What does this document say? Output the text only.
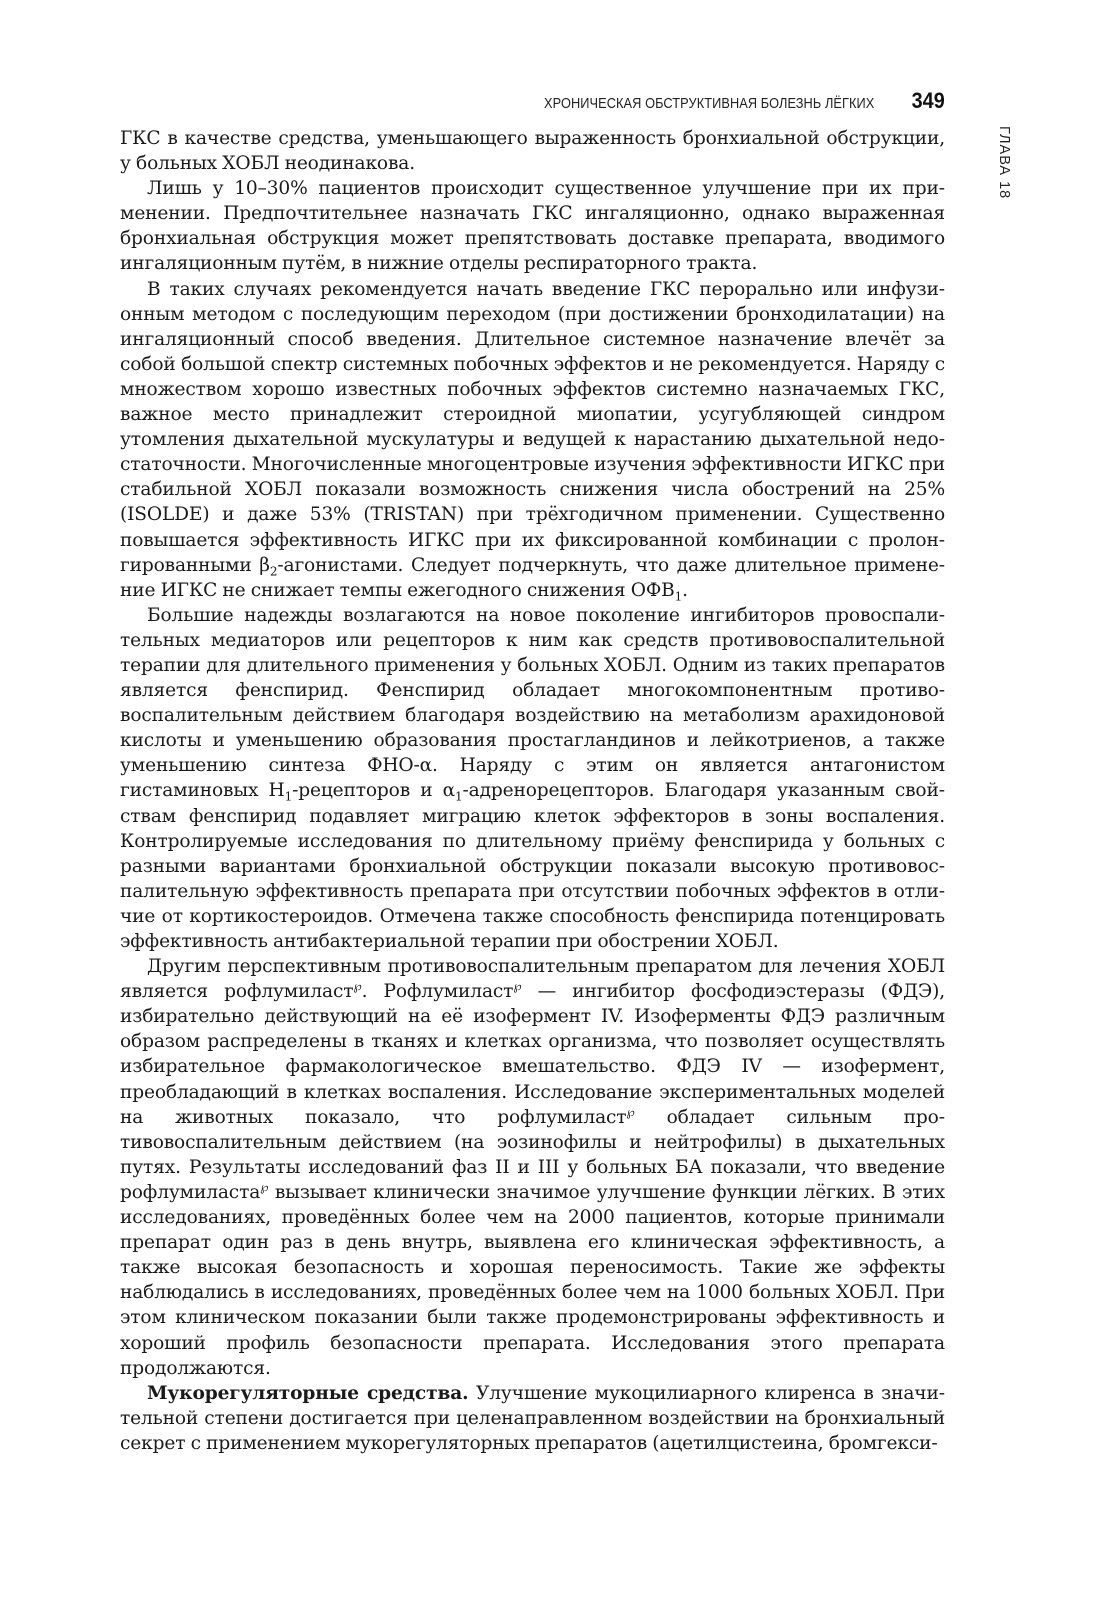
ХРОНИЧЕСКАЯ ОБСТРУКТИВНАЯ БОЛЕЗНЬ ЛЁГКИХ 349
ГЛАВА 18

ГКС в качестве средства, уменьшающего выраженность бронхиальной обструкции, у больных ХОБЛ неодинакова.

Лишь у 10–30% пациентов происходит существенное улучшение при их применении. Предпочтительнее назначать ГКС ингаляционно, однако выраженная бронхиальная обструкция может препятствовать доставке препарата, вводимого ингаляционным путём, в нижние отделы респираторного тракта.

В таких случаях рекомендуется начать введение ГКС перорально или инфузионным методом с последующим переходом (при достижении бронходилатации) на ингаляционный способ введения. Длительное системное назначение влечёт за собой большой спектр системных побочных эффектов и не рекомендуется. Наряду с множеством хорошо известных побочных эффектов системно назначаемых ГКС, важное место принадлежит стероидной миопатии, усугубляющей синдром утомления дыхательной мускулатуры и ведущей к нарастанию дыхательной недостаточности. Многочисленные многоцентровые изучения эффективности ИГКС при стабильной ХОБЛ показали возможность снижения числа обострений на 25% (ISOLDE) и даже 53% (TRISTAN) при трёхгодичном применении. Существенно повышается эффективность ИГКС при их фиксированной комбинации с пролонгированными $\beta_2$-агонистами. Следует подчеркнуть, что даже длительное применение ИГКС не снижает темпы ежегодного снижения $ОФВ_1$.

Большие надежды возлагаются на новое поколение ингибиторов провоспалительных медиаторов или рецепторов к ним как средств противовоспалительной терапии для длительного применения у больных ХОБЛ. Одним из таких препаратов является фенспирид. Фенспирид обладает многокомпонентным противовоспалительным действием благодаря воздействию на метаболизм арахидоновой кислоты и уменьшению образования простагландинов и лейкотриенов, а также уменьшению синтеза ФНО-α. Наряду с этим он является антагонистом гистаминовых $H_1$-рецепторов и $\alpha_1$-адренорецепторов. Благодаря указанным свойствам фенспирид подавляет миграцию клеток эффекторов в зоны воспаления. Контролируемые исследования по длительному приёму фенспирида у больных с разными вариантами бронхиальной обструкции показали высокую противовоспалительную эффективность препарата при отсутствии побочных эффектов в отличие от кортикостероидов. Отмечена также способность фенспирида потенцировать эффективность антибактериальной терапии при обострении ХОБЛ.

Другим перспективным противовоспалительным препаратом для лечения ХОБЛ является рофлумиласт℘. Рофлумиласт℘ — ингибитор фосфодиэстеразы (ФДЭ), избирательно действующий на её изофермент IV. Изоферменты ФДЭ различным образом распределены в тканях и клетках организма, что позволяет осуществлять избирательное фармакологическое вмешательство. ФДЭ IV — изофермент, преобладающий в клетках воспаления. Исследование экспериментальных моделей на животных показало, что рофлумиласт℘ обладает сильным противовоспалительным действием (на эозинофилы и нейтрофилы) в дыхательных путях. Результаты исследований фаз II и III у больных БА показали, что введение рофлумиласта℘ вызывает клинически значимое улучшение функции лёгких. В этих исследованиях, проведённых более чем на 2000 пациентов, которые принимали препарат один раз в день внутрь, выявлена его клиническая эффективность, а также высокая безопасность и хорошая переносимость. Такие же эффекты наблюдались в исследованиях, проведённых более чем на 1000 больных ХОБЛ. При этом клиническом показании были также продемонстрированы эффективность и хороший профиль безопасности препарата. Исследования этого препарата продолжаются.

Мукорегуляторные средства. Улучшение мукоцилиарного клиренса в значительной степени достигается при целенаправленном воздействии на бронхиальный секрет с применением мукорегуляторных препаратов (ацетилцистеина, бромгекси-
